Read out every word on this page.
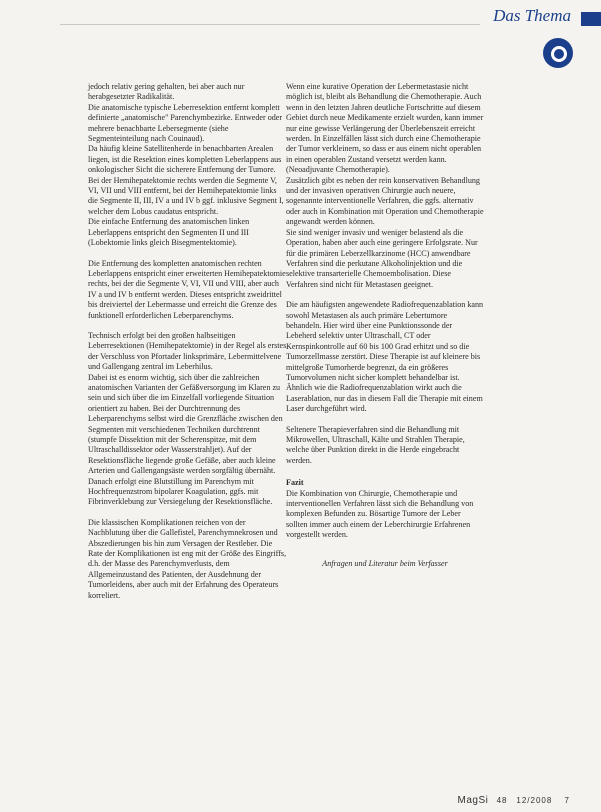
Das Thema

jedoch relativ gering gehalten, bei aber auch nur herabgesetzter Radikalität.

Die anatomische typische Leberresektion entfernt komplett definierte „anatomische" Parenchymbezirke. Entweder oder mehrere benachbarte Lebersegmente (siehe Segmenteinteilung nach Couinaud).

Da häufig kleine Satellitenherde in benachbarten Arealen liegen, ist die Resektion eines kompletten Leberlappens aus onkologischer Sicht die sicherere Entfernung der Tumore.

Bei der Hemihepatektomie rechts werden die Segmente V, VI, VII und VIII entfernt, bei der Hemihepatektomie links die Segmente II, III, IV a und IV b ggf. inklusive Segment I, welcher dem Lobus caudatus entspricht.

Die einfache Entfernung des anatomischen linken Leberlappens entspricht den Segmenten II und III (Lobektomie links gleich Bisegmentektomie).

Die Entfernung des kompletten anatomischen rechten Leberlappens entspricht einer erweiterten Hemihepatektomie rechts, bei der die Segmente V, VI, VII und VIII, aber auch IV a und IV b entfernt werden. Dieses entspricht zweidrittel bis dreiviertel der Lebermasse und erreicht die Grenze des funktionell erforderlichen Leberparenchyms.

Technisch erfolgt bei den großen halbseitigen Leberresektionen (Hemihepatektomie) in der Regel als erstes der Verschluss von Pfortader linksprimäre, Lebermittelvene und Gallengang zentral im Leberhilus.

Dabei ist es enorm wichtig, sich über die zahlreichen anatomischen Varianten der Gefäßversorgung im Klaren zu sein und sich über die im Einzelfall vorliegende Situation orientiert zu haben. Bei der Durchtrennung des Leberparenchyms selbst wird die Grenzfläche zwischen den Segmenten mit verschiedenen Techniken durchtrennt (stumpfe Dissektion mit der Scherenspitze, mit dem Ultraschalldissektor oder Wasserstrahljet). Auf der Resektionsfläche liegende große Gefäße, aber auch kleine Arterien und Gallengangsäste werden sorgfältig übernäht. Danach erfolgt eine Blutstillung im Parenchym mit Hochfrequenzstrom bipolarer Koagulation, ggfs. mit Fibrinverklebung zur Versiegelung der Resektionsfläche.

Die klassischen Komplikationen reichen von der Nachblutung über die Gallefistel, Parenchymnekrosen und Abszedierungen bis hin zum Versagen der Restleber. Die Rate der Komplikationen ist eng mit der Größe des Eingriffs, d.h. der Masse des Parenchymverlusts, dem Allgemeinzustand des Patienten, der Ausdehnung der Tumorleidens, aber auch mit der Erfahrung des Operateurs korreliert.

Wenn eine kurative Operation der Lebermetastasie nicht möglich ist, bleibt als Behandlung die Chemotherapie. Auch wenn in den letzten Jahren deutliche Fortschritte auf diesem Gebiet durch neue Medikamente erzielt wurden, kann immer nur eine gewisse Verlängerung der Überlebenszeit erreicht werden. In Einzelfällen lässt sich durch eine Chemotherapie der Tumor verkleinern, so dass er aus einem nicht operablen in einen operablen Zustand versetzt werden kann. (Neoadjuvante Chemotherapie).

Zusätzlich gibt es neben der rein konservativen Behandlung und der invasiven operativen Chirurgie auch neuere, sogenannte interventionelle Verfahren, die ggfs. alternativ oder auch in Kombination mit Operation und Chemotherapie angewandt werden können.

Sie sind weniger invasiv und weniger belastend als die Operation, haben aber auch eine geringere Erfolgsrate. Nur für die primären Leberzellkarzinome (HCC) anwendbare Verfahren sind die perkutane Alkoholinjektion und die selektive transarterielle Chemoembolisation. Diese Verfahren sind nicht für Metastasen geeignet.

Die am häufigsten angewendete Radiofrequenzablation kann sowohl Metastasen als auch primäre Lebertumore behandeln. Hier wird über eine Punktionssonde der Lebeherd selektiv unter Ultraschall, CT oder Kernspinkontrolle auf 60 bis 100 Grad erhitzt und so die Tumorzellmasse zerstört. Diese Therapie ist auf kleinere bis mittelgroße Tumorherde begrenzt, da ein größeres Tumorvolumen nicht sicher komplett behandelbar ist.

Ähnlich wie die Radiofrequenzablation wirkt auch die Laserablation, nur das in diesem Fall die Therapie mit einem Laser durchgeführt wird.

Seltenere Therapieverfahren sind die Behandlung mit Mikrowellen, Ultraschall, Kälte und Strahlen Therapie, welche über Punktion direkt in die Herde eingebracht werden.

Fazit

Die Kombination von Chirurgie, Chemotherapie und interventionellen Verfahren lässt sich die Behandlung von komplexen Befunden zu. Bösartige Tumore der Leber sollten immer auch einem der Leberchirurgie Erfahrenen vorgestellt werden.

Anfragen und Literatur beim Verfasser
MagSi 48 12/2008 7
